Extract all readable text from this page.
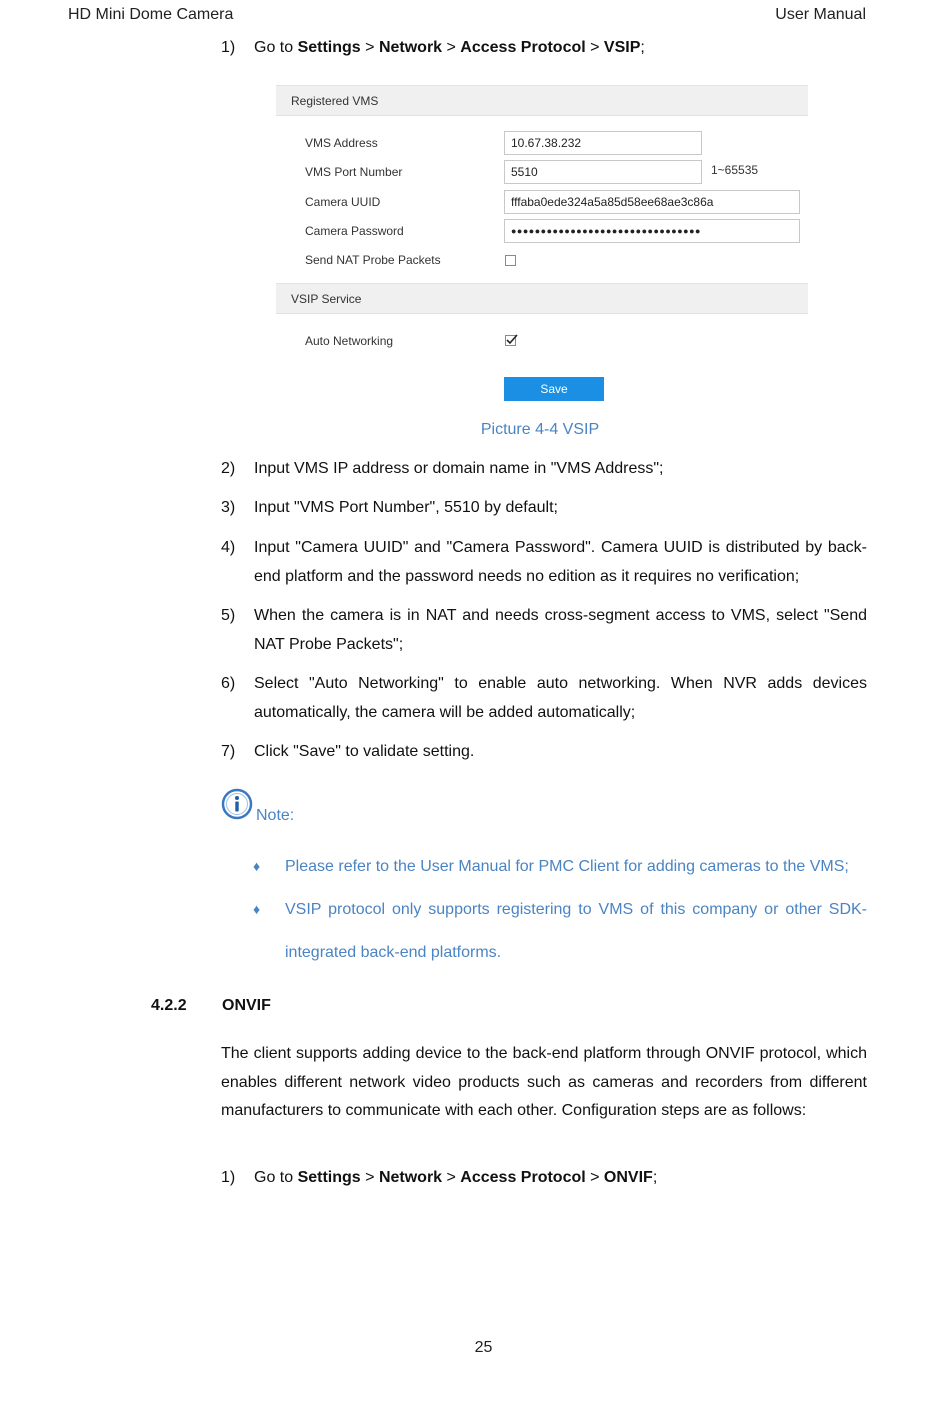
HD Mini Dome Camera	User Manual
1) Go to Settings > Network > Access Protocol > VSIP;
Registered VMS
VMS Address	10.67.38.232
VMS Port Number	5510	1~65535
Camera UUID	fffaba0ede324a5a85d58ee68ae3c86a
Camera Password	●●●●●●●●●●●●●●●●●●●●●●●●●●●●●●●●
Send NAT Probe Packets
VSIP Service
Auto Networking
Save
Picture 4-4 VSIP
2) Input VMS IP address or domain name in "VMS Address";
3) Input "VMS Port Number", 5510 by default;
4) Input "Camera UUID" and "Camera Password". Camera UUID is distributed by back-end platform and the password needs no edition as it requires no verification;
5) When the camera is in NAT and needs cross-segment access to VMS, select "Send NAT Probe Packets";
6) Select "Auto Networking" to enable auto networking. When NVR adds devices automatically, the camera will be added automatically;
7) Click "Save" to validate setting.
Note:
♦ Please refer to the User Manual for PMC Client for adding cameras to the VMS;
♦ VSIP protocol only supports registering to VMS of this company or other SDK-integrated back-end platforms.
4.2.2 ONVIF
The client supports adding device to the back-end platform through ONVIF protocol, which enables different network video products such as cameras and recorders from different manufacturers to communicate with each other. Configuration steps are as follows:
1) Go to Settings > Network > Access Protocol > ONVIF;
25
